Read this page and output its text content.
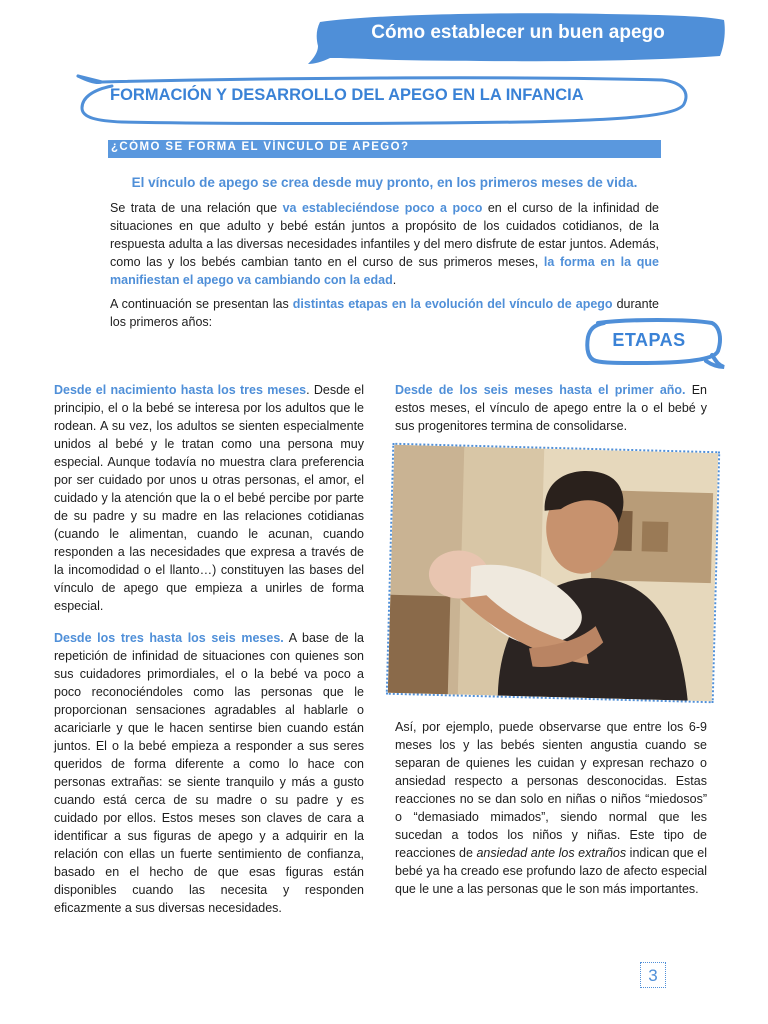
Cómo establecer un buen apego
FORMACIÓN Y DESARROLLO DEL APEGO EN LA INFANCIA
¿CÓMO SE FORMA EL VÍNCULO DE APEGO?
El vínculo de apego se crea desde muy pronto, en los primeros meses de vida.
Se trata de una relación que va estableciéndose poco a poco en el curso de la infinidad de situaciones en que adulto y bebé están juntos a propósito de los cuidados cotidianos, de la respuesta adulta a las diversas necesidades infantiles y del mero disfrute de estar juntos. Además, como las y los bebés cambian tanto en el curso de sus primeros meses, la forma en la que manifiestan el apego va cambiando con la edad.
A continuación se presentan las distintas etapas en la evolución del vínculo de apego durante los primeros años:
ETAPAS
Desde el nacimiento hasta los tres meses. Desde el principio, el o la bebé se interesa por los adultos que le rodean. A su vez, los adultos se sienten especialmente unidos al bebé y le tratan como una persona muy especial. Aunque todavía no muestra clara preferencia por ser cuidado por unos u otras personas, el amor, el cuidado y la atención que la o el bebé percibe por parte de su padre y su madre en las relaciones cotidianas (cuando le alimentan, cuando le acunan, cuando responden a las necesidades que expresa a través de la incomodidad o el llanto…) constituyen las bases del vínculo de apego que empieza a unirles de forma especial.
Desde los tres hasta los seis meses. A base de la repetición de infinidad de situaciones con quienes son sus cuidadores primordiales, el o la bebé va poco a poco reconociéndoles como las personas que le proporcionan sensaciones agradables al hablarle o acariciarle y que le hacen sentirse bien cuando están juntos. El o la bebé empieza a responder a sus seres queridos de forma diferente a como lo hace con personas extrañas: se siente tranquilo y más a gusto cuando está cerca de su madre o su padre y es cuidado por ellos. Estos meses son claves de cara a identificar a sus figuras de apego y a adquirir en la relación con ellas un fuerte sentimiento de confianza, basado en el hecho de que esas figuras están disponibles cuando las necesita y responden eficazmente a sus diversas necesidades.
Desde de los seis meses hasta el primer año. En estos meses, el vínculo de apego entre la o el bebé y sus progenitores termina de consolidarse.
Así, por ejemplo, puede observarse que entre los 6-9 meses los y las bebés sienten angustia cuando se separan de quienes les cuidan y expresan rechazo o ansiedad respecto a personas desconocidas. Estas reacciones no se dan solo en niñas o niños “miedosos” o “demasiado mimados”, siendo normal que les sucedan a todos los niños y niñas. Este tipo de reacciones de ansiedad ante los extraños indican que el bebé ya ha creado ese profundo lazo de afecto especial que le une a las personas que le son más importantes.
3
